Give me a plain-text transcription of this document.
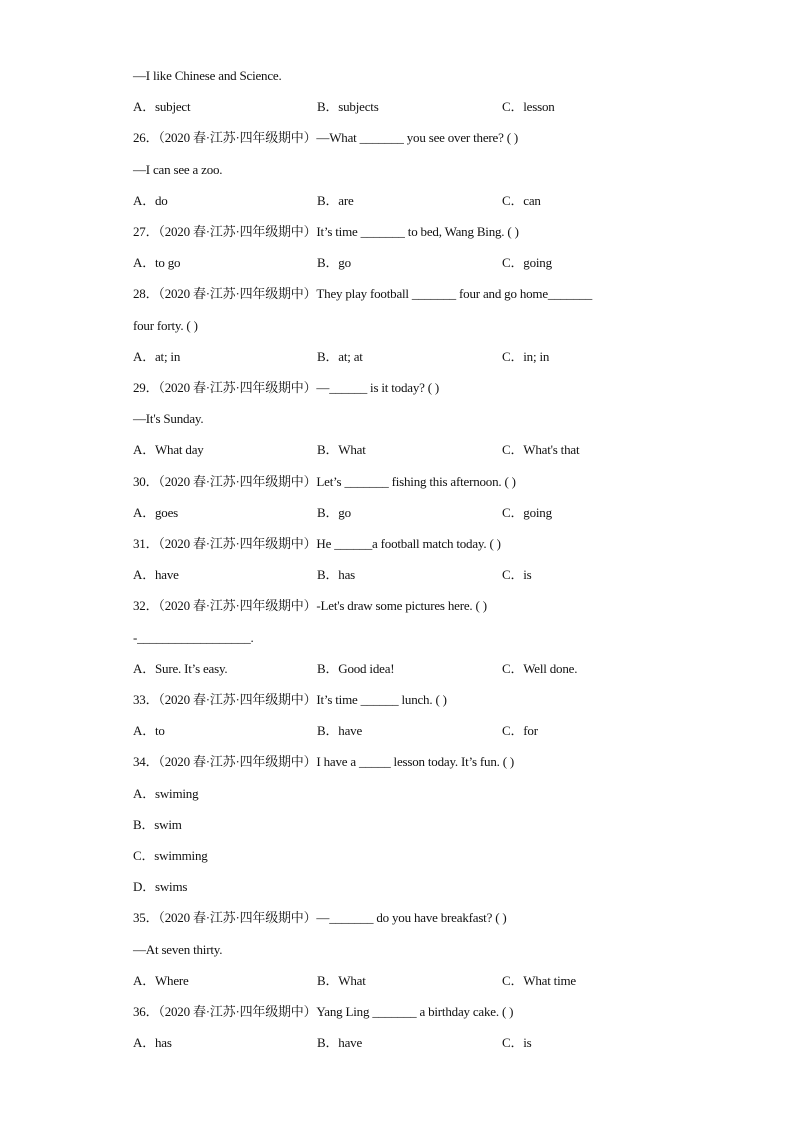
—I like Chinese and Science.
A．subject	B．subjects	C．lesson
26．（2020 春·江苏·四年级期中）—What _______ you see over there? ( )
—I can see a zoo.
A．do	B．are	C．can
27．（2020 春·江苏·四年级期中）It’s time _______ to bed, Wang Bing. ( )
A．to go	B．go	C．going
28．（2020 春·江苏·四年级期中）They play football _______ four and go home_______
four forty. ( )
A．at; in	B．at; at	C．in; in
29．（2020 春·江苏·四年级期中）—______ is it today? ( )
—It's Sunday.
A．What day	B．What	C．What's that
30．（2020 春·江苏·四年级期中）Let’s _______ fishing this afternoon. ( )
A．goes	B．go	C．going
31．（2020 春·江苏·四年级期中）He ______a football match today. ( )
A．have	B．has	C．is
32．（2020 春·江苏·四年级期中）-Let's draw some pictures here. ( )
-__________________.
A．Sure. It’s easy.	B．Good idea!	C．Well done.
33．（2020 春·江苏·四年级期中）It’s time ______ lunch. ( )
A．to	B．have	C．for
34．（2020 春·江苏·四年级期中）I have a _____ lesson today. It’s fun. ( )
A．swiming
B．swim
C．swimming
D．swims
35．（2020 春·江苏·四年级期中）—_______ do you have breakfast? ( )
—At seven thirty.
A．Where	B．What	C．What time
36．（2020 春·江苏·四年级期中）Yang Ling _______ a birthday cake. ( )
A．has	B．have	C．is
